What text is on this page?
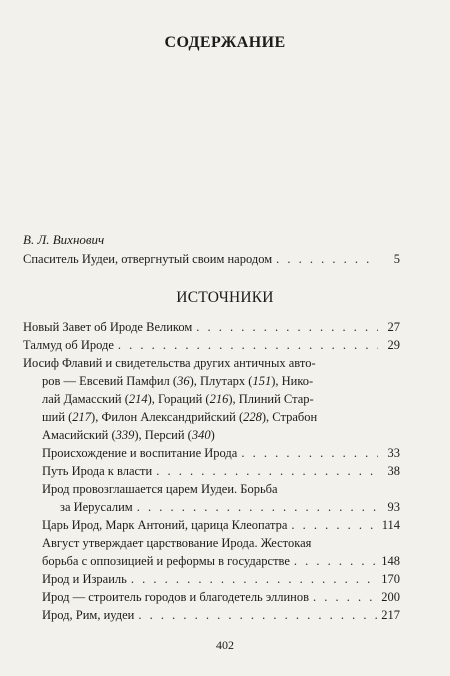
СОДЕРЖАНИЕ
В. Л. Вихнович
Спаситель Иудеи, отвергнутый своим народом . . .	5
ИСТОЧНИКИ
Новый Завет об Ироде Великом . . .	27
Талмуд об Ироде . . .	29
Иосиф Флавий и свидетельства других античных авто-
ров — Евсевий Памфил (36), Плутарх (151), Нико-
лай Дамасский (214), Гораций (216), Плиний Стар-
ший (217), Филон Александрийский (228), Страбон
Амасийский (339), Персий (340)
Происхождение и воспитание Ирода . . .	33
Путь Ирода к власти . . .	38
Ирод провозглашается царем Иудеи. Борьба
за Иерусалим . . .	93
Царь Ирод, Марк Антоний, царица Клеопатра . . .	114
Август утверждает царствование Ирода. Жестокая
борьба с оппозицией и реформы в государстве . . .	148
Ирод и Израиль . . .	170
Ирод — строитель городов и благодетель эллинов . . .	200
Ирод, Рим, иудеи . . .	217
402
